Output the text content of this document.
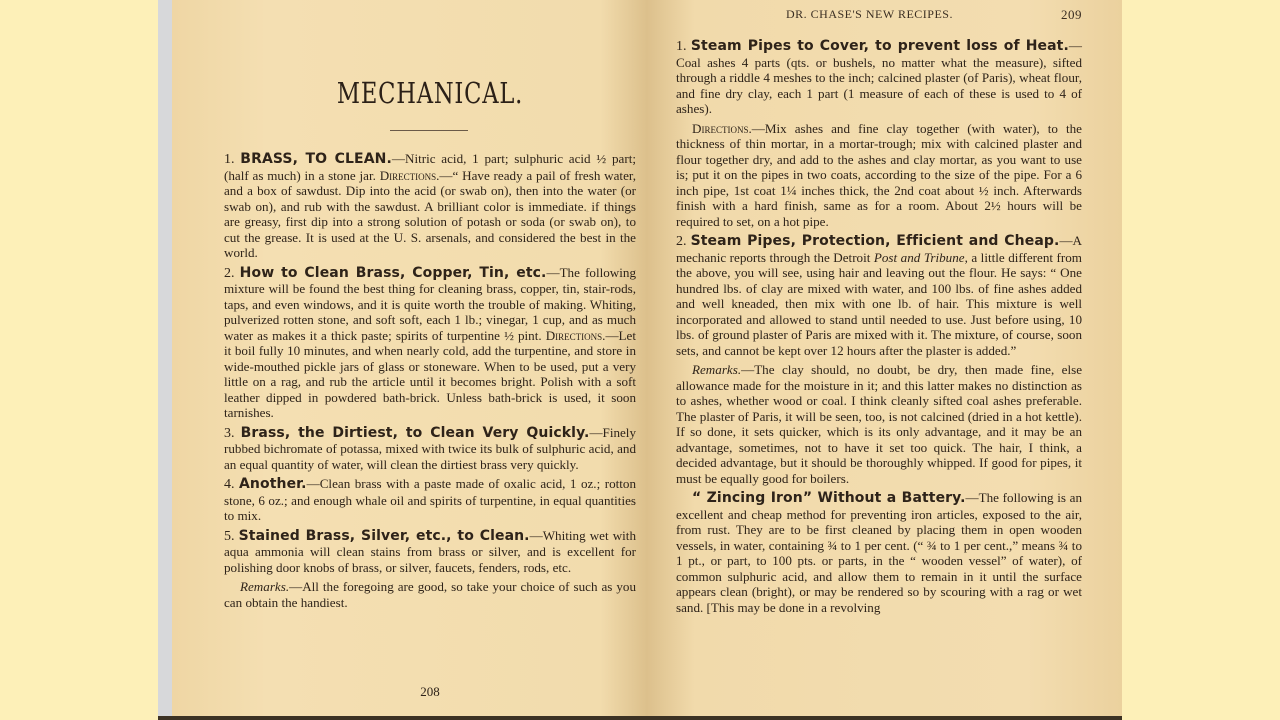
MECHANICAL.

1. BRASS, TO CLEAN.—Nitric acid, 1 part; sulphuric acid ½ part; (half as much) in a stone jar. Directions.—“ Have ready a pail of fresh water, and a box of sawdust. Dip into the acid (or swab on), then into the water (or swab on), and rub with the sawdust. A brilliant color is immediate. if things are greasy, first dip into a strong solution of potash or soda (or swab on), to cut the grease. It is used at the U. S. arsenals, and considered the best in the world.

2. How to Clean Brass, Copper, Tin, etc.—The following mixture will be found the best thing for cleaning brass, copper, tin, stair-rods, taps, and even windows, and it is quite worth the trouble of making. Whiting, pulverized rotten stone, and soft soft, each 1 lb.; vinegar, 1 cup, and as much water as makes it a thick paste; spirits of turpentine ½ pint. Directions.—Let it boil fully 10 minutes, and when nearly cold, add the turpentine, and store in wide-mouthed pickle jars of glass or stoneware. When to be used, put a very little on a rag, and rub the article until it becomes bright. Polish with a soft leather dipped in powdered bath-brick. Unless bath-brick is used, it soon tarnishes.

3. Brass, the Dirtiest, to Clean Very Quickly.—Finely rubbed bichromate of potassa, mixed with twice its bulk of sulphuric acid, and an equal quantity of water, will clean the dirtiest brass very quickly.

4. Another.—Clean brass with a paste made of oxalic acid, 1 oz.; rotton stone, 6 oz.; and enough whale oil and spirits of turpentine, in equal quantities to mix.

5. Stained Brass, Silver, etc., to Clean.—Whiting wet with aqua ammonia will clean stains from brass or silver, and is excellent for polishing door knobs of brass, or silver, faucets, fenders, rods, etc.

Remarks.—All the foregoing are good, so take your choice of such as you can obtain the handiest.

208
DR. CHASE'S NEW RECIPES.	209

1. Steam Pipes to Cover, to prevent loss of Heat.—Coal ashes 4 parts (qts. or bushels, no matter what the measure), sifted through a riddle 4 meshes to the inch; calcined plaster (of Paris), wheat flour, and fine dry clay, each 1 part (1 measure of each of these is used to 4 of ashes).

Directions.—Mix ashes and fine clay together (with water), to the thickness of thin mortar, in a mortar-trough; mix with calcined plaster and flour together dry, and add to the ashes and clay mortar, as you want to use is; put it on the pipes in two coats, according to the size of the pipe. For a 6 inch pipe, 1st coat 1¼ inches thick, the 2nd coat about ½ inch. Afterwards finish with a hard finish, same as for a room. About 2½ hours will be required to set, on a hot pipe.

2. Steam Pipes, Protection, Efficient and Cheap.—A mechanic reports through the Detroit Post and Tribune, a little different from the above, you will see, using hair and leaving out the flour. He says: “ One hundred lbs. of clay are mixed with water, and 100 lbs. of fine ashes added and well kneaded, then mix with one lb. of hair. This mixture is well incorporated and allowed to stand until needed to use. Just before using, 10 lbs. of ground plaster of Paris are mixed with it. The mixture, of course, soon sets, and cannot be kept over 12 hours after the plaster is added.”

Remarks.—The clay should, no doubt, be dry, then made fine, else allowance made for the moisture in it; and this latter makes no distinction as to ashes, whether wood or coal. I think cleanly sifted coal ashes preferable. The plaster of Paris, it will be seen, too, is not calcined (dried in a hot kettle). If so done, it sets quicker, which is its only advantage, and it may be an advantage, sometimes, not to have it set too quick. The hair, I think, a decided advantage, but it should be thoroughly whipped. If good for pipes, it must be equally good for boilers.

“ Zincing Iron” Without a Battery.—The following is an excellent and cheap method for preventing iron articles, exposed to the air, from rust. They are to be first cleaned by placing them in open wooden vessels, in water, containing ¾ to 1 per cent. (“ ¾ to 1 per cent.,” means ¾ to 1 pt., or part, to 100 pts. or parts, in the “ wooden vessel” of water), of common sulphuric acid, and allow them to remain in it until the surface appears clean (bright), or may be rendered so by scouring with a rag or wet sand. [This may be done in a revolving
